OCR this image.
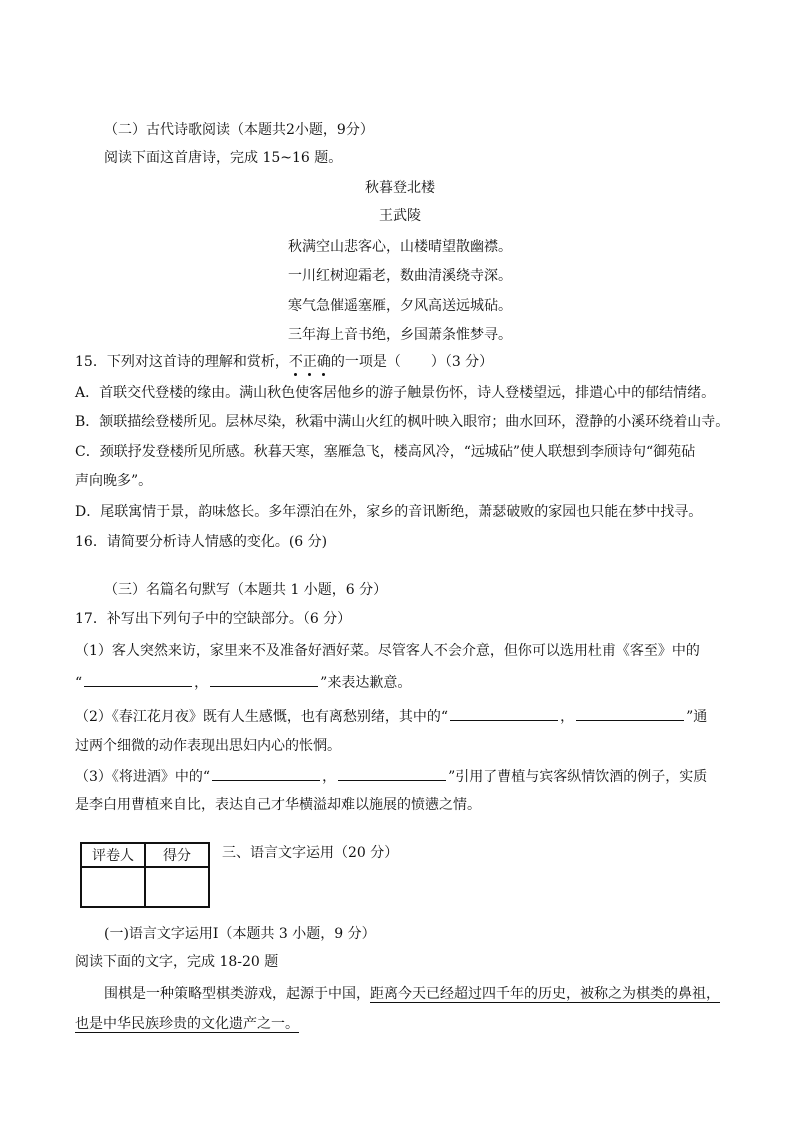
（二）古代诗歌阅读（本题共2小题，9分）
阅读下面这首唐诗，完成 15~16 题。
秋暮登北楼
王武陵
秋满空山悲客心，山楼晴望散幽襟。
一川红树迎霜老，数曲清溪绕寺深。
寒气急催遥塞雁，夕风高送远城砧。
三年海上音书绝，乡国萧条惟梦寻。
15．下列对这首诗的理解和赏析，不正确的一项是（ ）（3 分）
A．首联交代登楼的缘由。满山秋色使客居他乡的游子触景伤怀，诗人登楼望远，排遣心中的郁结情绪。
B．颔联描绘登楼所见。层林尽染，秋霜中满山火红的枫叶映入眼帘；曲水回环，澄静的小溪环绕着山寺。
C．颈联抒发登楼所见所感。秋暮天寒，塞雁急飞，楼高风冷，“远城砧”使人联想到李颀诗句“御苑砧
声向晚多”。
D．尾联寓情于景，韵味悠长。多年漂泊在外，家乡的音讯断绝，萧瑟破败的家园也只能在梦中找寻。
16．请简要分析诗人情感的变化。(6 分)
（三）名篇名句默写（本题共 1 小题，6 分）
17．补写出下列句子中的空缺部分。（6 分）
（1）客人突然来访，家里来不及准备好酒好菜。尽管客人不会介意，但你可以选用杜甫《客至》中的
“	，	”来表达歉意。
（2）《春江花月夜》既有人生感慨，也有离愁别绪，其中的“	，	”通
过两个细微的动作表现出思妇内心的怅惘。
（3）《将进酒》中的“	，	”引用了曹植与宾客纵情饮酒的例子，实质
是李白用曹植来自比，表达自己才华横溢却难以施展的愤懑之情。
评卷人	得分
	三、语言文字运用（20 分）
(一)语言文字运用Ⅰ（本题共 3 小题，9 分）
阅读下面的文字，完成 18-20 题
围棋是一种策略型棋类游戏，起源于中国，距离今天已经超过四千年的历史，被称之为棋类的鼻祖，
也是中华民族珍贵的文化遗产之一。
